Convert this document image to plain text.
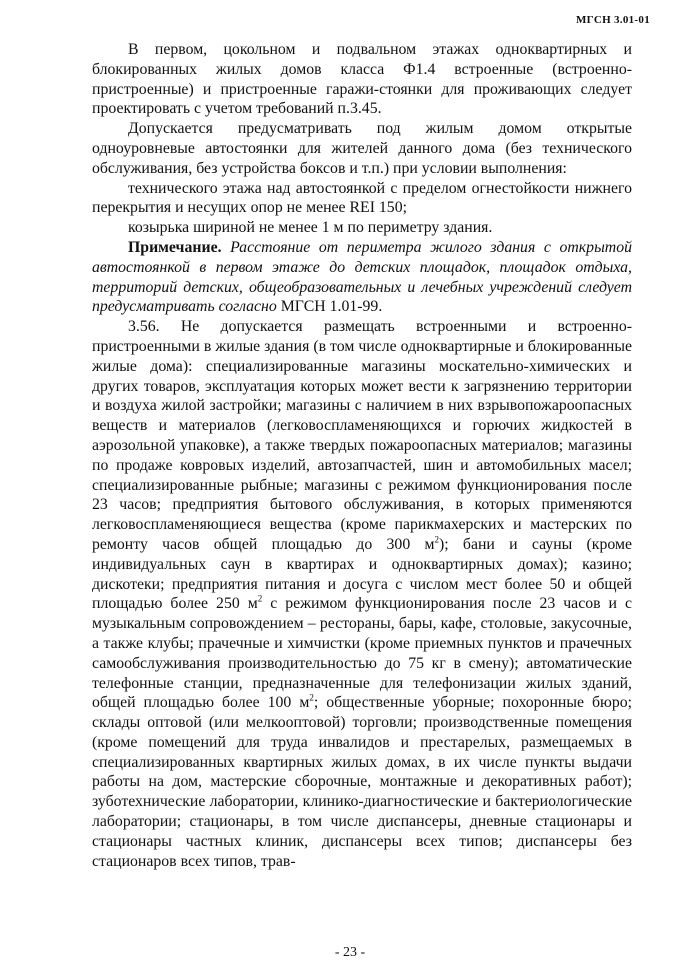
МГСН 3.01-01

В первом, цокольном и подвальном этажах одноквартирных и блокированных жилых домов класса Ф1.4 встроенные (встроенно-пристроенные) и пристроенные гаражи-стоянки для проживающих следует проектировать с учетом требований п.3.45.

Допускается предусматривать под жилым домом открытые одноуровневые автостоянки для жителей данного дома (без технического обслуживания, без устройства боксов и т.п.) при условии выполнения:

технического этажа над автостоянкой с пределом огнестойкости нижнего перекрытия и несущих опор не менее REI 150;

козырька шириной не менее 1 м по периметру здания.

Примечание. Расстояние от периметра жилого здания с открытой автостоянкой в первом этаже до детских площадок, площадок отдыха, территорий детских, общеобразовательных и лечебных учреждений следует предусматривать согласно МГСН 1.01-99.

3.56. Не допускается размещать встроенными и встроенно-пристроенными в жилые здания (в том числе одноквартирные и блокированные жилые дома): специализированные магазины москательно-химических и других товаров, эксплуатация которых может вести к загрязнению территории и воздуха жилой застройки; магазины с наличием в них взрывопожароопасных веществ и материалов (легковоспламеняющихся и горючих жидкостей в аэрозольной упаковке), а также твердых пожароопасных материалов; магазины по продаже ковровых изделий, автозапчастей, шин и автомобильных масел; специализированные рыбные; магазины с режимом функционирования после 23 часов; предприятия бытового обслуживания, в которых применяются легковоспламеняющиеся вещества (кроме парикмахерских и мастерских по ремонту часов общей площадью до 300 $м^2$); бани и сауны (кроме индивидуальных саун в квартирах и одноквартирных домах); казино; дискотеки; предприятия питания и досуга с числом мест более 50 и общей площадью более 250 $м^2$ с режимом функционирования после 23 часов и с музыкальным сопровождением – рестораны, бары, кафе, столовые, закусочные, а также клубы; прачечные и химчистки (кроме приемных пунктов и прачечных самообслуживания производительностью до 75 кг в смену); автоматические телефонные станции, предназначенные для телефонизации жилых зданий, общей площадью более 100 $м^2$; общественные уборные; похоронные бюро; склады оптовой (или мелкооптовой) торговли; производственные помещения (кроме помещений для труда инвалидов и престарелых, размещаемых в специализированных квартирных жилых домах, в их числе пункты выдачи работы на дом, мастерские сборочные, монтажные и декоративных работ); зуботехнические лаборатории, клинико-диагностические и бактериологические лаборатории; стационары, в том числе диспансеры, дневные стационары и стационары частных клиник, диспансеры всех типов; диспансеры без стационаров всех типов, трав-

- 23 -
